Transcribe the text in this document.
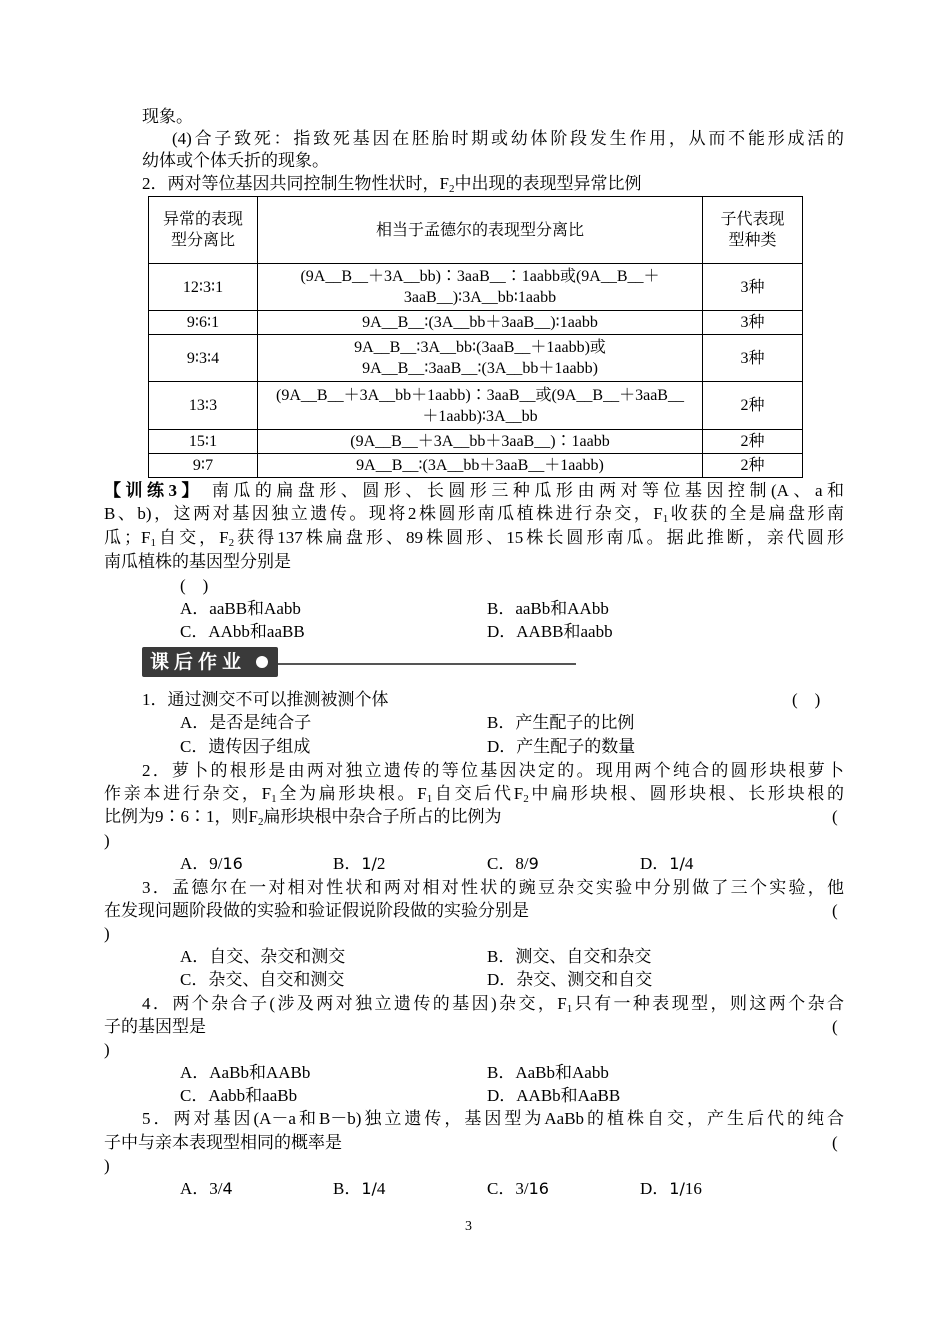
现象。
(4)合子致死：指致死基因在胚胎时期或幼体阶段发生作用，从而不能形成活的
幼体或个体夭折的现象。
2．两对等位基因共同控制生物性状时，$F_2$中出现的表现型异常比例
异常的表现型分离比	相当于孟德尔的表现型分离比	子代表现型种类
12∶3∶1	(9A__B__＋3A__bb)∶3aaB__∶1aabb或(9A__B__＋3aaB__)∶3A__bb∶1aabb	3种
9∶6∶1	9A__B__∶(3A__bb＋3aaB__)∶1aabb	3种
9∶3∶4	9A__B__∶3A__bb∶(3aaB__＋1aabb)或9A__B__∶3aaB__∶(3A__bb＋1aabb)	3种
13∶3	(9A__B__＋3A__bb＋1aabb)∶3aaB__或(9A__B__＋3aaB__＋1aabb)∶3A__bb	2种
15∶1	(9A__B__＋3A__bb＋3aaB__)∶1aabb	2种
9∶7	9A__B__∶(3A__bb＋3aaB__＋1aabb)	2种
【训练3】 南瓜的扁盘形、圆形、长圆形三种瓜形由两对等位基因控制(A、a和
B、b)，这两对基因独立遗传。现将2株圆形南瓜植株进行杂交，$F_1$收获的全是扁盘形南
瓜；$F_1$自交，$F_2$获得137株扁盘形、89株圆形、15株长圆形南瓜。据此推断，亲代圆形
南瓜植株的基因型分别是
(    )
A．aaBB和Aabb	B．aaBb和AAbb
C．AAbb和aaBB	D．AABB和aabb
课后作业
1．通过测交不可以推测被测个体	(    )
A．是否是纯合子	B．产生配子的比例
C．遗传因子组成	D．产生配子的数量
2．萝卜的根形是由两对独立遗传的等位基因决定的。现用两个纯合的圆形块根萝卜
作亲本进行杂交，$F_1$全为扁形块根。$F_1$自交后代$F_2$中扁形块根、圆形块根、长形块根的
比例为9∶6∶1，则$F_2$扁形块根中杂合子所占的比例为	(
)
A．9/16	B．1/2	C．8/9	D．1/4
3．孟德尔在一对相对性状和两对相对性状的豌豆杂交实验中分别做了三个实验，他
在发现问题阶段做的实验和验证假说阶段做的实验分别是	(
)
A．自交、杂交和测交	B．测交、自交和杂交
C．杂交、自交和测交	D．杂交、测交和自交
4．两个杂合子(涉及两对独立遗传的基因)杂交，$F_1$只有一种表现型，则这两个杂合
子的基因型是	(
)
A．AaBb和AABb	B．AaBb和Aabb
C．Aabb和aaBb	D．AABb和AaBB
5．两对基因(A－a和B－b)独立遗传，基因型为AaBb的植株自交，产生后代的纯合
子中与亲本表现型相同的概率是	(
)
A．3/4	B．1/4	C．3/16	D．1/16
3
